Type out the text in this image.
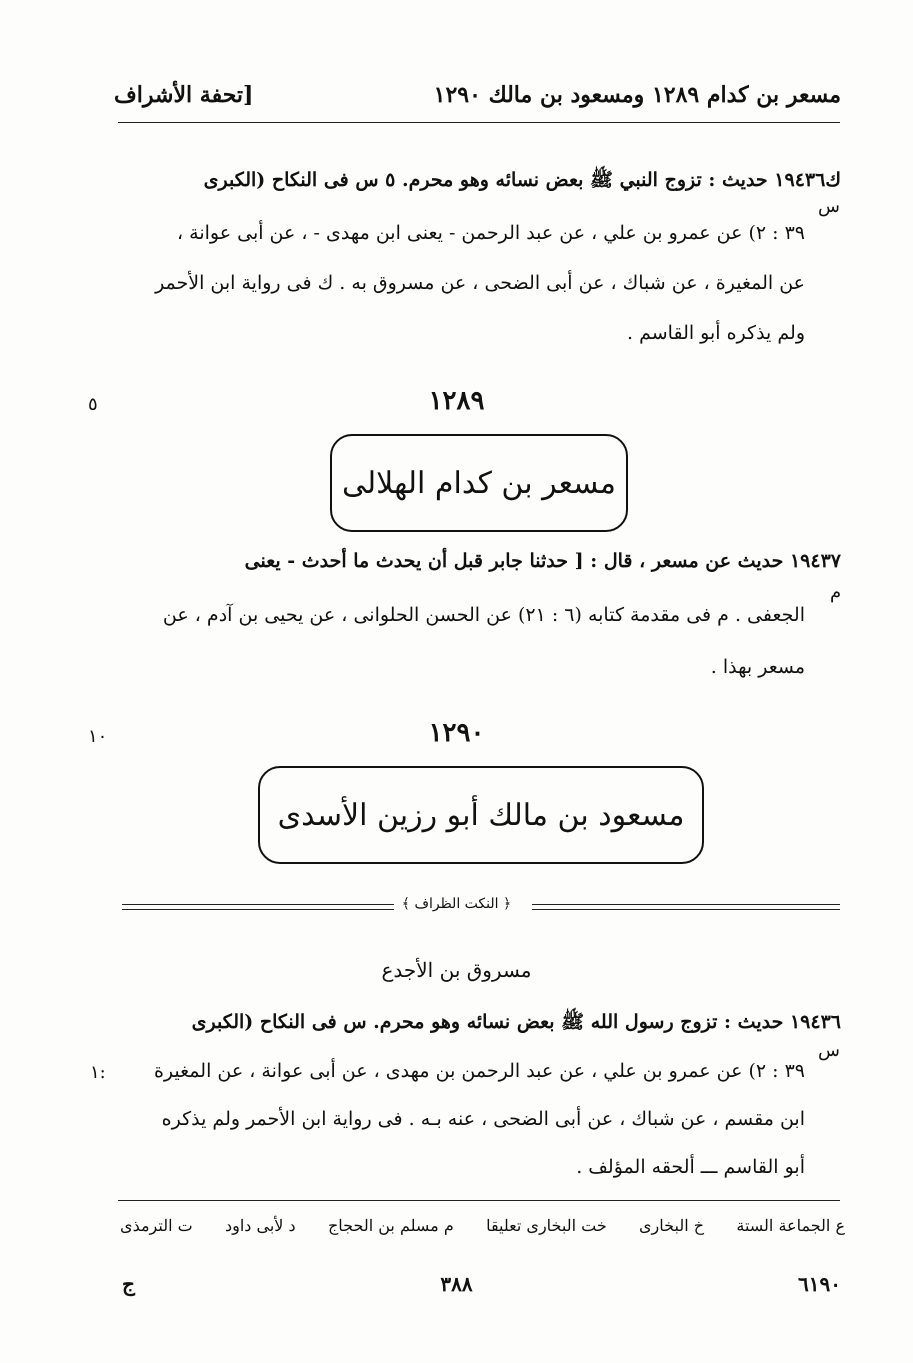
مسعر بن كدام ١٢٨٩ ومسعود بن مالك ١٢٩٠
[تحفة الأشراف
ك١٩٤٣٦ حديث : تزوج النبي ﷺ بعض نسائه وهو محرم. ٥ س فى النكاح (الكبرى
س
٣٩ : ٢) عن عمرو بن علي ، عن عبد الرحمن - يعنى ابن مهدى - ، عن أبى عوانة ،
عن المغيرة ، عن شباك ، عن أبى الضحى ، عن مسروق به . ك فى رواية ابن الأحمر
ولم يذكره أبو القاسم .
٥	١٢٨٩
مسعر بن كدام الهلالى
١٩٤٣٧ حديث عن مسعر ، قال : [ حدثنا جابر قبل أن يحدث ما أحدث - يعنى
م
الجعفى . م فى مقدمة كتابه (٦ : ٢١) عن الحسن الحلوانى ، عن يحيى بن آدم ، عن
مسعر بهذا .
١٠	١٢٩٠
مسعود بن مالك أبو رزين الأسدى
﴿ النكت الظراف ﴾
مسروق بن الأجدع
١٩٤٣٦ حديث : تزوج رسول الله ﷺ بعض نسائه وهو محرم. س فى النكاح (الكبرى
س
٣٩ : ٢) عن عمرو بن علي ، عن عبد الرحمن بن مهدى ، عن أبى عوانة ، عن المغيرة
١:
ابن مقسم ، عن شباك ، عن أبى الضحى ، عنه بـه . فى رواية ابن الأحمر ولم يذكره
أبو القاسم ـــ ألحقه المؤلف .
ع الجماعة الستة
خ البخارى
خت البخارى تعليقا
م مسلم بن الحجاج
د لأبى داود
ت الترمذى
٦١٩٠
٣٨٨
ج
